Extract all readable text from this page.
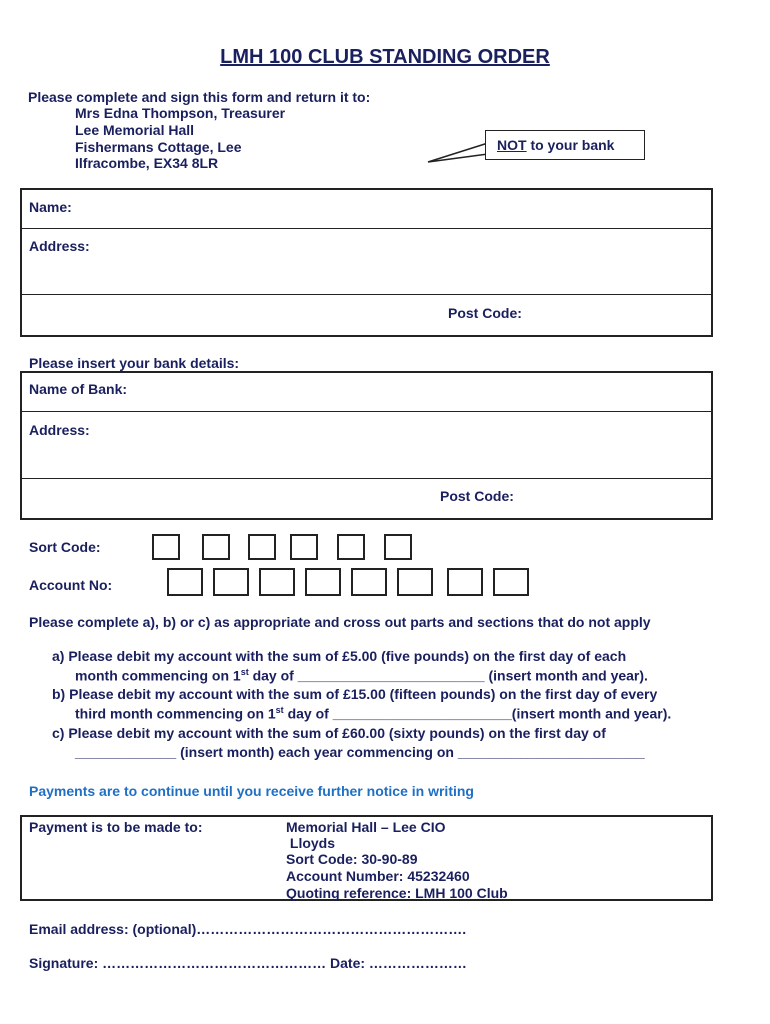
LMH 100 CLUB STANDING ORDER
Please complete and sign this form and return it to:
Mrs Edna Thompson, Treasurer
Lee Memorial Hall
Fishermans Cottage, Lee
Ilfracombe, EX34 8LR
NOT to your bank
Name:
Address:
Post Code:
Please insert your bank details:
Name of Bank:
Address:
Post Code:
Sort Code:
Account No:
Please complete a), b) or c) as appropriate and cross out parts and sections that do not apply
a) Please debit my account with the sum of £5.00 (five pounds) on the first day of each
month commencing on 1st day of ________________________ (insert month and year).
b) Please debit my account with the sum of £15.00 (fifteen pounds) on the first day of every
third month commencing on 1st day of _______________________(insert month and year).
c) Please debit my account with the sum of £60.00 (sixty pounds) on the first day of
_____________ (insert month) each year commencing on ________________________
Payments are to continue until you receive further notice in writing
Payment is to be made to:	Memorial Hall – Lee CIO
Lloyds
Sort Code: 30-90-89
Account Number: 45232460
Quoting reference: LMH 100 Club
Email address: (optional)………………………………………………….
Signature: ………………………………………… Date: …………………
